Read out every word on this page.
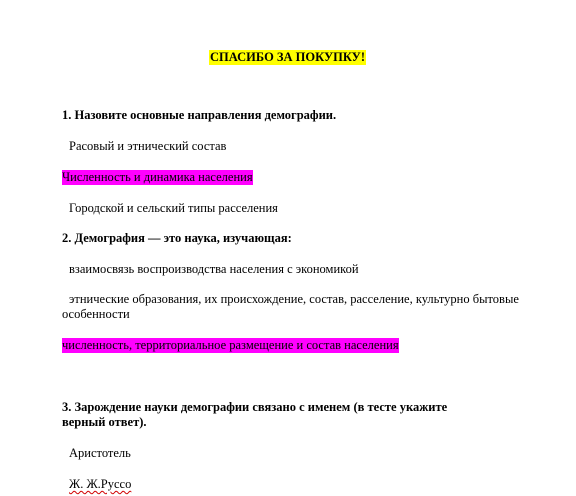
СПАСИБО ЗА ПОКУПКУ!
1. Назовите основные направления демографии.
Расовый и этнический состав
Численность и динамика населения
Городской и сельский типы расселения
2. Демография — это наука, изучающая:
взаимосвязь воспроизводства населения с экономикой
этнические образования, их происхождение, состав, расселение, культурно бытовые особенности
численность, территориальное размещение и состав населения
3. Зарождение науки демографии связано с именем (в тесте укажите
верный ответ).
Аристотель
Ж. Ж.Руссо
